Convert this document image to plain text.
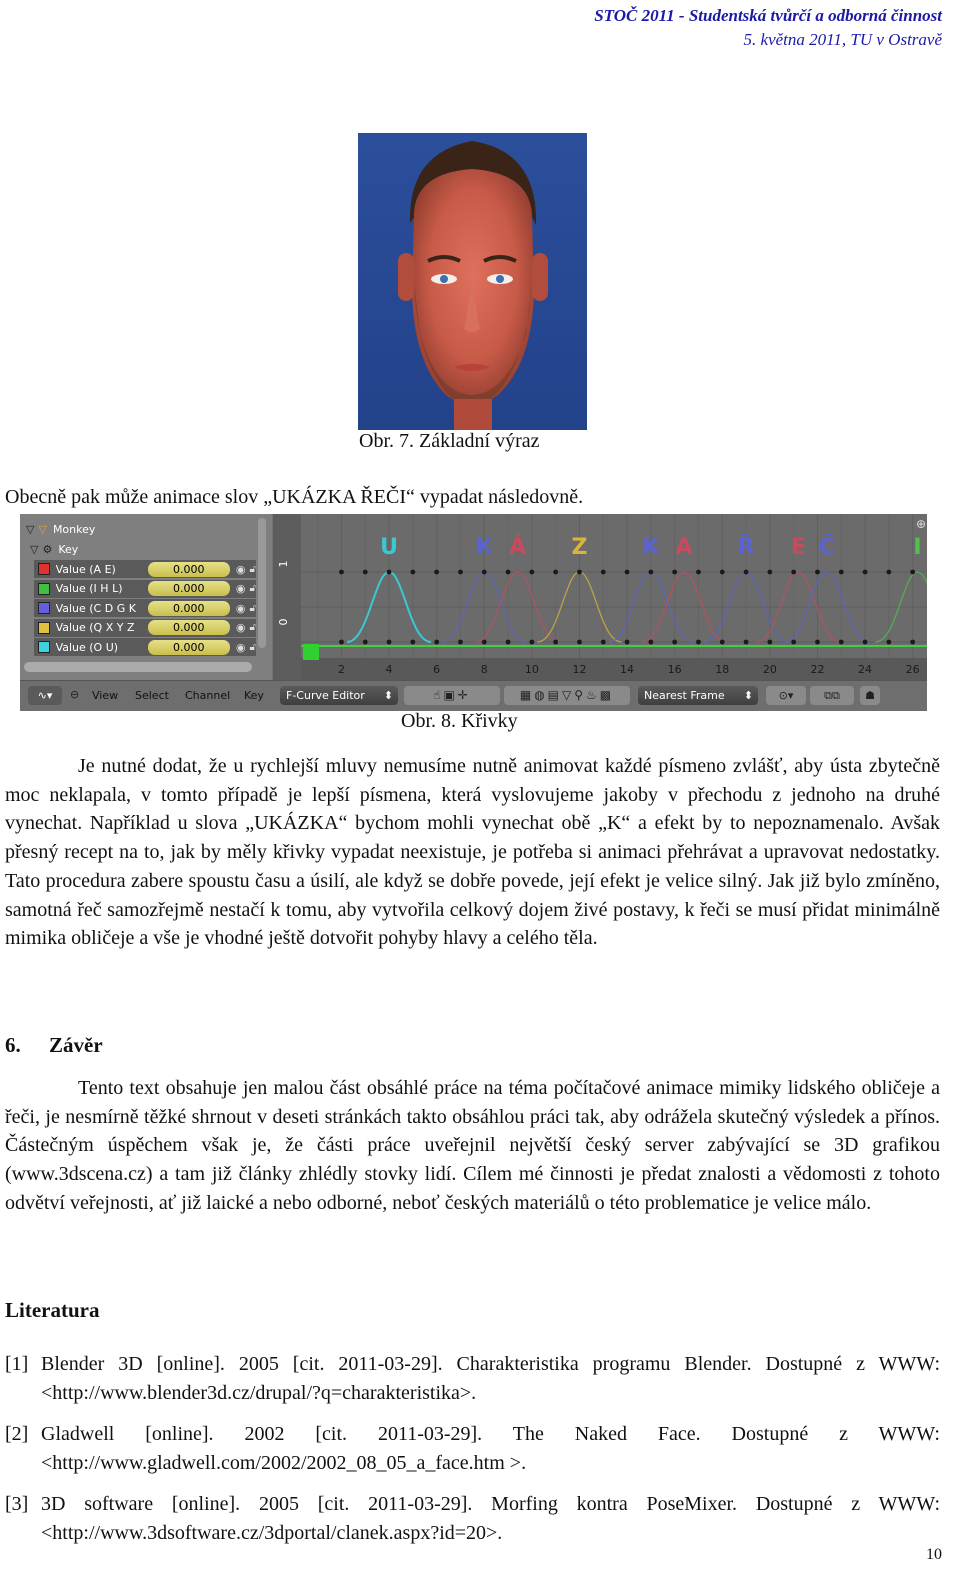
STOČ 2011 - Studentská tvůrčí a odborná činnost
5. května 2011, TU v Ostravě
Obr. 7. Základní výraz
Obecně pak může animace slov „UKÁZKA ŘEČI“ vypadat následovně.
▽ ▽ Monkey
▽ ⚙ Key
Value (A E)	0.000	◉ 🔓︎
Value (I H L)	0.000	◉ 🔓︎
Value (C D G K	0.000	◉ 🔓︎
Value (Q X Y Z	0.000	◉ 🔓︎
Value (O U)	0.000	◉ 🔓︎
1
0
U	K Á Z K A Ř E Č	I
2	4	6	8	10	12	14	16	18	20	22	24	26
⊕
∿▾	⊖ View Select Channel Key	F-Curve Editor ⬍	☝▣✛	▦◍▤▽⚲♨▩	Nearest Frame ⬍	⊙▾	⧉⧉	☗
Obr. 8. Křivky
Je nutné dodat, že u rychlejší mluvy nemusíme nutně animovat každé písmeno zvlášť, aby ústa zbytečně moc neklapala, v tomto případě je lepší písmena, která vyslovujeme jakoby v přechodu z jednoho na druhé vynechat. Například u slova „UKÁZKA“ bychom mohli vynechat obě „K“ a efekt by to nepoznamenalo. Avšak přesný recept na to, jak by měly křivky vypadat neexistuje, je potřeba si animaci přehrávat a upravovat nedostatky. Tato procedura zabere spoustu času a úsilí, ale když se dobře povede, její efekt je velice silný. Jak již bylo zmíněno, samotná řeč samozřejmě nestačí k tomu, aby vytvořila celkový dojem živé postavy, k řeči se musí přidat minimálně mimika obličeje a vše je vhodné ještě dotvořit pohyby hlavy a celého těla.
6. Závěr
Tento text obsahuje jen malou část obsáhlé práce na téma počítačové animace mimiky lidského obličeje a řeči, je nesmírně těžké shrnout v deseti stránkách takto obsáhlou práci tak, aby odrážela skutečný výsledek a přínos. Částečným úspěchem však je, že části práce uveřejnil největší český server zabývající se 3D grafikou (www.3dscena.cz) a tam již články zhlédly stovky lidí. Cílem mé činnosti je předat znalosti a vědomosti z tohoto odvětví veřejnosti, ať již laické a nebo odborné, neboť českých materiálů o této problematice je velice málo.
Literatura
[1] Blender 3D [online]. 2005 [cit. 2011-03-29]. Charakteristika programu Blender. Dostupné z WWW: <http://www.blender3d.cz/drupal/?q=charakteristika>.
[2] Gladwell [online]. 2002 [cit. 2011-03-29]. The Naked Face. Dostupné z WWW: <http://www.gladwell.com/2002/2002_08_05_a_face.htm >.
[3] 3D software [online]. 2005 [cit. 2011-03-29]. Morfing kontra PoseMixer. Dostupné z WWW: <http://www.3dsoftware.cz/3dportal/clanek.aspx?id=20>.
10
